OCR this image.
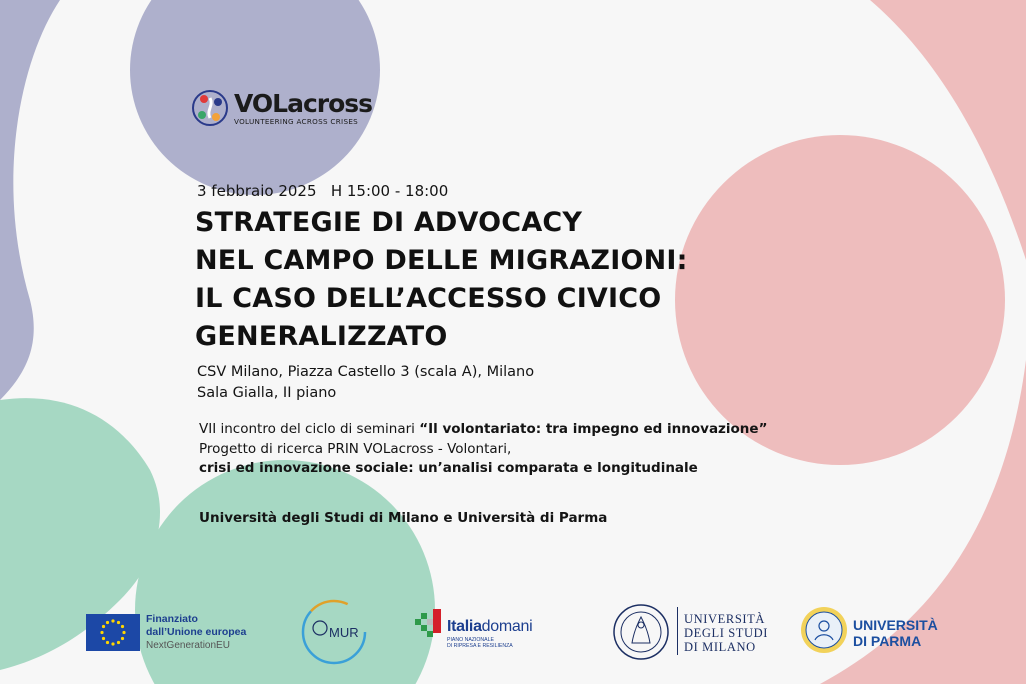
VOLacross
VOLUNTEERING ACROSS CRISES
3 febbraio 2025   H 15:00 - 18:00
STRATEGIE DI ADVOCACY
NEL CAMPO DELLE MIGRAZIONI:
IL CASO DELL’ACCESSO CIVICO
GENERALIZZATO
CSV Milano, Piazza Castello 3 (scala A), Milano
Sala Gialla, II piano
VII incontro del ciclo di seminari “Il volontariato: tra impegno ed innovazione”
Progetto di ricerca PRIN VOLacross - Volontari,
crisi ed innovazione sociale: un’analisi comparata e longitudinale
Università degli Studi di Milano e Università di Parma
Finanziato
dall’Unione europea
NextGenerationEU
MUR	Italiadomani
PIANO NAZIONALE
DI RIPRESA E RESILIENZA
UNIVERSITÀ
DEGLI STUDI
DI MILANO
UNIVERSITÀ
DI PARMA
